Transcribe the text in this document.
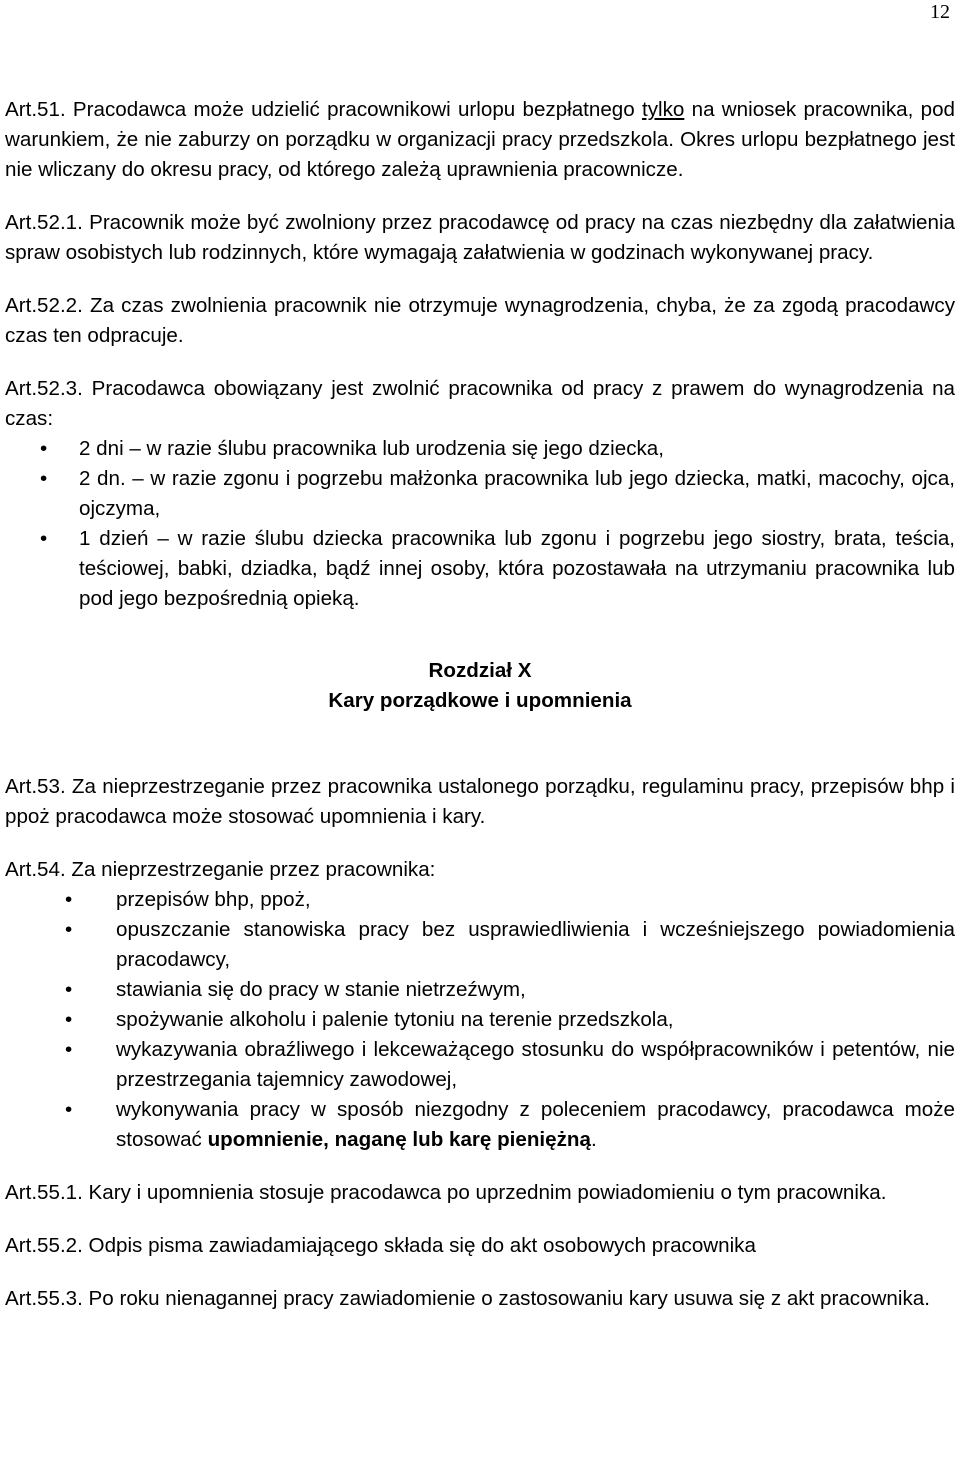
12

Art.51. Pracodawca może udzielić pracownikowi urlopu bezpłatnego tylko na wniosek pracownika, pod warunkiem, że nie zaburzy on porządku w organizacji pracy przedszkola. Okres urlopu bezpłatnego jest nie wliczany do okresu pracy, od którego zależą uprawnienia pracownicze.

Art.52.1. Pracownik może być zwolniony przez pracodawcę od pracy na czas niezbędny dla załatwienia spraw osobistych lub rodzinnych, które wymagają załatwienia w godzinach wykonywanej pracy.

Art.52.2. Za czas zwolnienia pracownik nie otrzymuje wynagrodzenia, chyba, że za zgodą pracodawcy czas ten odpracuje.

Art.52.3. Pracodawca obowiązany jest zwolnić pracownika od pracy z prawem do wynagrodzenia na czas:

• 2 dni – w razie ślubu pracownika lub urodzenia się jego dziecka,
• 2 dn. – w razie zgonu i pogrzebu małżonka pracownika lub jego dziecka, matki, macochy, ojca, ojczyma,
• 1 dzień – w razie ślubu dziecka pracownika lub zgonu i pogrzebu jego siostry, brata, teścia, teściowej, babki, dziadka, bądź innej osoby, która pozostawała na utrzymaniu pracownika lub pod jego bezpośrednią opieką.
Rozdział X
Kary porządkowe i upomnienia

Art.53. Za nieprzestrzeganie przez pracownika ustalonego porządku, regulaminu pracy, przepisów bhp i ppoż pracodawca może stosować upomnienia i kary.

Art.54. Za nieprzestrzeganie przez pracownika:

• przepisów bhp, ppoż,
• opuszczanie stanowiska pracy bez usprawiedliwienia i wcześniejszego powiadomienia pracodawcy,
• stawiania się do pracy w stanie nietrzeźwym,
• spożywanie alkoholu i palenie tytoniu na terenie przedszkola,
• wykazywania obraźliwego i lekceważącego stosunku do współpracowników i petentów, nie przestrzegania tajemnicy zawodowej,
• wykonywania pracy w sposób niezgodny z poleceniem pracodawcy, pracodawca może stosować upomnienie, naganę lub karę pieniężną.

Art.55.1. Kary i upomnienia stosuje pracodawca po uprzednim powiadomieniu o tym pracownika.

Art.55.2. Odpis pisma zawiadamiającego składa się do akt osobowych pracownika

Art.55.3. Po roku nienagannej pracy zawiadomienie o zastosowaniu kary usuwa się z akt pracownika.
